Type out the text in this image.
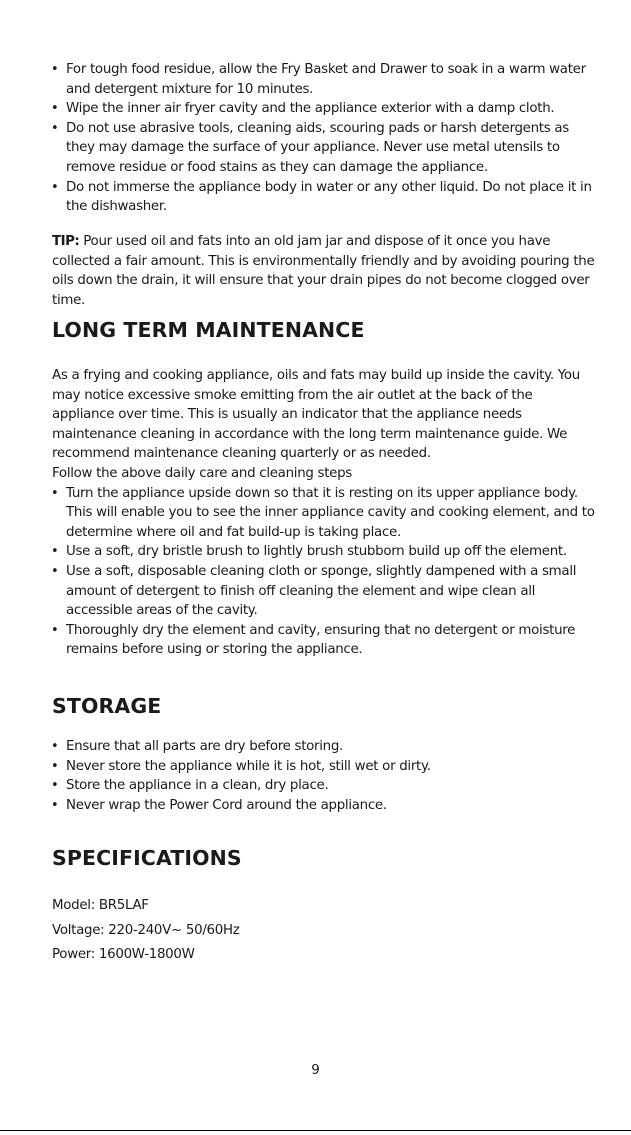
• For tough food residue, allow the Fry Basket and Drawer to soak in a warm water and detergent mixture for 10 minutes.
• Wipe the inner air fryer cavity and the appliance exterior with a damp cloth.
• Do not use abrasive tools, cleaning aids, scouring pads or harsh detergents as they may damage the surface of your appliance. Never use metal utensils to remove residue or food stains as they can damage the appliance.
• Do not immerse the appliance body in water or any other liquid. Do not place it in the dishwasher.

TIP: Pour used oil and fats into an old jam jar and dispose of it once you have collected a fair amount. This is environmentally friendly and by avoiding pouring the oils down the drain, it will ensure that your drain pipes do not become clogged over time.

LONG TERM MAINTENANCE

As a frying and cooking appliance, oils and fats may build up inside the cavity. You may notice excessive smoke emitting from the air outlet at the back of the appliance over time. This is usually an indicator that the appliance needs maintenance cleaning in accordance with the long term maintenance guide. We recommend maintenance cleaning quarterly or as needed.

Follow the above daily care and cleaning steps

• Turn the appliance upside down so that it is resting on its upper appliance body. This will enable you to see the inner appliance cavity and cooking element, and to determine where oil and fat build-up is taking place.
• Use a soft, dry bristle brush to lightly brush stubborn build up off the element.
• Use a soft, disposable cleaning cloth or sponge, slightly dampened with a small amount of detergent to finish off cleaning the element and wipe clean all accessible areas of the cavity.
• Thoroughly dry the element and cavity, ensuring that no detergent or moisture remains before using or storing the appliance.
STORAGE
• Ensure that all parts are dry before storing.
• Never store the appliance while it is hot, still wet or dirty.
• Store the appliance in a clean, dry place.
• Never wrap the Power Cord around the appliance.
SPECIFICATIONS
Model: BR5LAF
Voltage: 220-240V~ 50/60Hz
Power: 1600W-1800W
9
